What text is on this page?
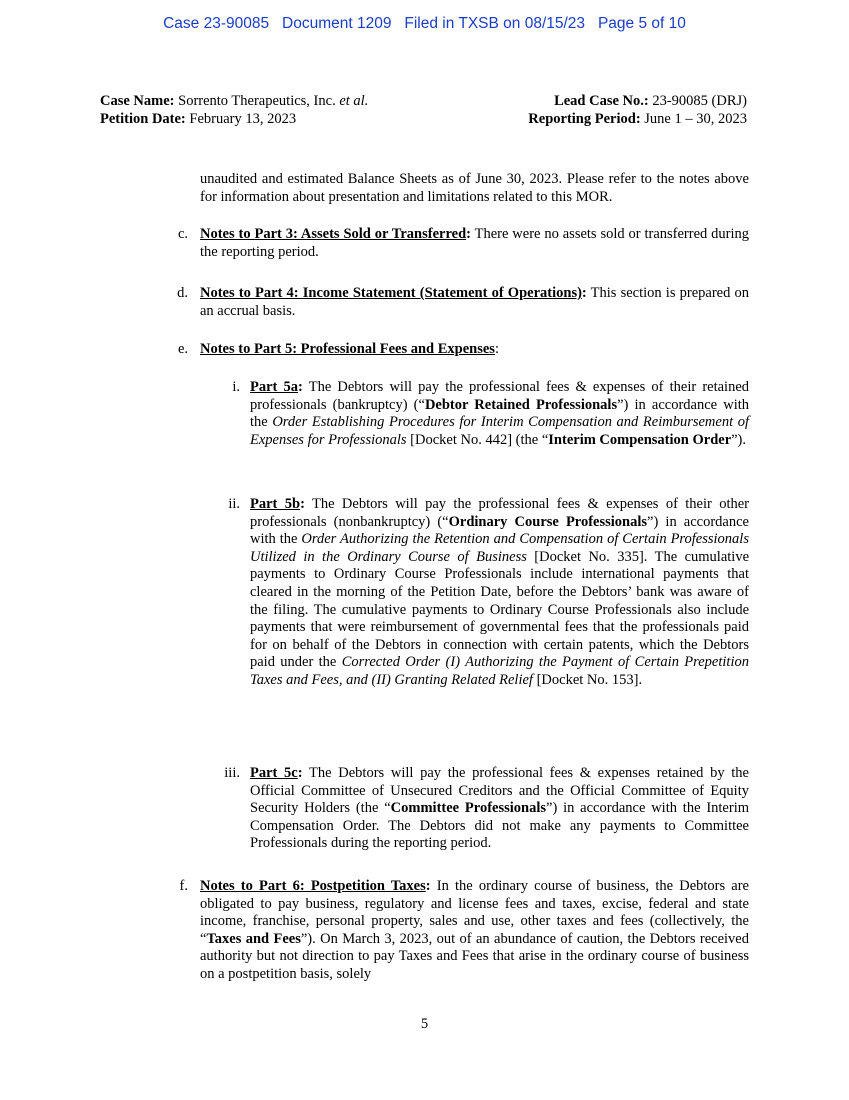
Case 23-90085 Document 1209 Filed in TXSB on 08/15/23 Page 5 of 10
Case Name: Sorrento Therapeutics, Inc. et al.
Petition Date: February 13, 2023
Lead Case No.: 23-90085 (DRJ)
Reporting Period: June 1 – 30, 2023
unaudited and estimated Balance Sheets as of June 30, 2023. Please refer to the notes above for information about presentation and limitations related to this MOR.
c. Notes to Part 3: Assets Sold or Transferred: There were no assets sold or transferred during the reporting period.
d. Notes to Part 4: Income Statement (Statement of Operations): This section is prepared on an accrual basis.
e. Notes to Part 5: Professional Fees and Expenses:
i. Part 5a: The Debtors will pay the professional fees & expenses of their retained professionals (bankruptcy) (“Debtor Retained Professionals”) in accordance with the Order Establishing Procedures for Interim Compensation and Reimbursement of Expenses for Professionals [Docket No. 442] (the “Interim Compensation Order”).
ii. Part 5b: The Debtors will pay the professional fees & expenses of their other professionals (nonbankruptcy) (“Ordinary Course Professionals”) in accordance with the Order Authorizing the Retention and Compensation of Certain Professionals Utilized in the Ordinary Course of Business [Docket No. 335]. The cumulative payments to Ordinary Course Professionals include international payments that cleared in the morning of the Petition Date, before the Debtors’ bank was aware of the filing. The cumulative payments to Ordinary Course Professionals also include payments that were reimbursement of governmental fees that the professionals paid for on behalf of the Debtors in connection with certain patents, which the Debtors paid under the Corrected Order (I) Authorizing the Payment of Certain Prepetition Taxes and Fees, and (II) Granting Related Relief [Docket No. 153].
iii. Part 5c: The Debtors will pay the professional fees & expenses retained by the Official Committee of Unsecured Creditors and the Official Committee of Equity Security Holders (the “Committee Professionals”) in accordance with the Interim Compensation Order. The Debtors did not make any payments to Committee Professionals during the reporting period.
f. Notes to Part 6: Postpetition Taxes: In the ordinary course of business, the Debtors are obligated to pay business, regulatory and license fees and taxes, excise, federal and state income, franchise, personal property, sales and use, other taxes and fees (collectively, the “Taxes and Fees”). On March 3, 2023, out of an abundance of caution, the Debtors received authority but not direction to pay Taxes and Fees that arise in the ordinary course of business on a postpetition basis, solely
5
